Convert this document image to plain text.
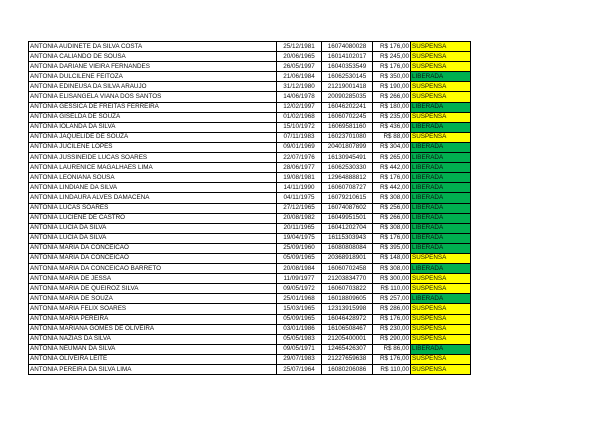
ANTONIA AUDINETE DA SILVA COSTA	25/12/1981	16074080028	R$ 176,00	SUSPENSA
ANTONIA CALIANDO DE SOUSA	20/06/1965	16014102017	R$ 245,00	SUSPENSA
ANTONIA DARIANE VIEIRA FERNANDES	26/05/1997	16040353549	R$ 176,00	SUSPENSA
ANTONIA DULCILENE FEITOZA	21/06/1984	16062530145	R$ 350,00	LIBERADA
ANTONIA EDINEUSA DA SILVA ARAUJO	31/12/1980	21219001418	R$ 190,00	SUSPENSA
ANTONIA ELISANGELA VIANA DOS SANTOS	14/06/1978	20090285035	R$ 266,00	SUSPENSA
ANTONIA GESSICA DE FREITAS FERREIRA	12/02/1997	16046202241	R$ 180,00	LIBERADA
ANTONIA GISELDA DE SOUZA	01/02/1968	16060702245	R$ 235,00	SUSPENSA
ANTONIA IOLANDA DA SILVA	15/10/1972	16069581160	R$ 436,00	LIBERADA
ANTONIA JAQUELIDE DE SOUZA	07/11/1983	16023701080	R$ 88,00	SUSPENSA
ANTONIA JUCILENE LOPES	09/01/1969	20401807899	R$ 304,00	LIBERADA
ANTONIA JUSSINEIDE LUCAS SOARES	22/07/1976	16130945491	R$ 265,00	LIBERADA
ANTONIA LAURENICE MAGALHAES LIMA	28/06/1977	16062530330	R$ 442,00	LIBERADA
ANTONIA LEONIANA SOUSA	19/08/1981	12964888812	R$ 176,00	LIBERADA
ANTONIA LINDIANE DA SILVA	14/11/1990	16060708727	R$ 442,00	LIBERADA
ANTONIA LINDAURA ALVES DAMACENA	04/11/1975	16079210615	R$ 308,00	LIBERADA
ANTONIA LUCAS SOARES	27/12/1965	16074087602	R$ 256,00	LIBERADA
ANTONIA LUCIENE DE CASTRO	20/08/1982	16049951501	R$ 266,00	LIBERADA
ANTONIA LUCIA DA SILVA	20/11/1965	16041202704	R$ 308,00	LIBERADA
ANTONIA LUCIA DA SILVA	19/04/1975	16115303943	R$ 176,00	LIBERADA
ANTONIA MARIA DA CONCEICAO	25/09/1960	16080808084	R$ 395,00	LIBERADA
ANTONIA MARIA DA CONCEICAO	05/09/1965	20368918901	R$ 148,00	SUSPENSA
ANTONIA MARIA DA CONCEICAO BARRETO	20/08/1984	16060702458	R$ 308,00	LIBERADA
ANTONIA MARIA DE JESSA	11/09/1977	21203834770	R$ 300,00	SUSPENSA
ANTONIA MARIA DE QUEIROZ SILVA	09/05/1972	16060703822	R$ 110,00	SUSPENSA
ANTONIA MARIA DE SOUZA	25/01/1968	16018809605	R$ 257,00	LIBERADA
ANTONIA MARIA FELIX SOARES	15/03/1965	12313915998	R$ 286,00	SUSPENSA
ANTONIA MARIA PEREIRA	05/09/1965	16046428972	R$ 176,00	SUSPENSA
ANTONIA MARIANA GOMES DE OLIVEIRA	03/01/1986	16106508467	R$ 230,00	SUSPENSA
ANTONIA NAZIAS DA SILVA	05/05/1983	21205400001	R$ 290,00	SUSPENSA
ANTONIA NEUMAN DA SILVA	09/05/1971	12465426307	R$ 86,00	LIBERADA
ANTONIA OLIVEIRA LEITE	29/07/1983	21227659638	R$ 176,00	SUSPENSA
ANTONIA PEREIRA DA SILVA LIMA	25/07/1964	16080206086	R$ 110,00	SUSPENSA
